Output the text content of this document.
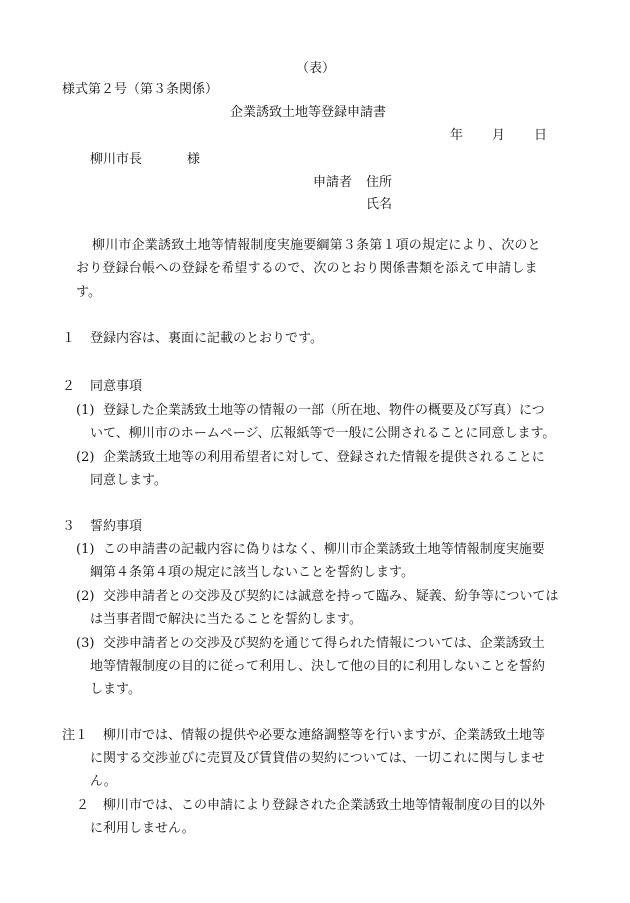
（表）
様式第２号（第３条関係）
企業誘致土地等登録申請書
年 月 日
柳川市長	様
申請者 住所
氏名
柳川市企業誘致土地等情報制度実施要綱第３条第１項の規定により、次のと
おり登録台帳への登録を希望するので、次のとおり関係書類を添えて申請しま
す。
１ 登録内容は、裏面に記載のとおりです。
２ 同意事項
(1) 登録した企業誘致土地等の情報の一部（所在地、物件の概要及び写真）につ
いて、柳川市のホームページ、広報紙等で一般に公開されることに同意します。
(2) 企業誘致土地等の利用希望者に対して、登録された情報を提供されることに
同意します。
３ 誓約事項
(1) この申請書の記載内容に偽りはなく、柳川市企業誘致土地等情報制度実施要
綱第４条第４項の規定に該当しないことを誓約します。
(2) 交渉申請者との交渉及び契約には誠意を持って臨み、疑義、紛争等については
は当事者間で解決に当たることを誓約します。
(3) 交渉申請者との交渉及び契約を通じて得られた情報については、企業誘致土
地等情報制度の目的に従って利用し、決して他の目的に利用しないことを誓約
します。
注１ 柳川市では、情報の提供や必要な連絡調整等を行いますが、企業誘致土地等
に関する交渉並びに売買及び賃貸借の契約については、一切これに関与しませ
ん。
２ 柳川市では、この申請により登録された企業誘致土地等情報制度の目的以外
に利用しません。
